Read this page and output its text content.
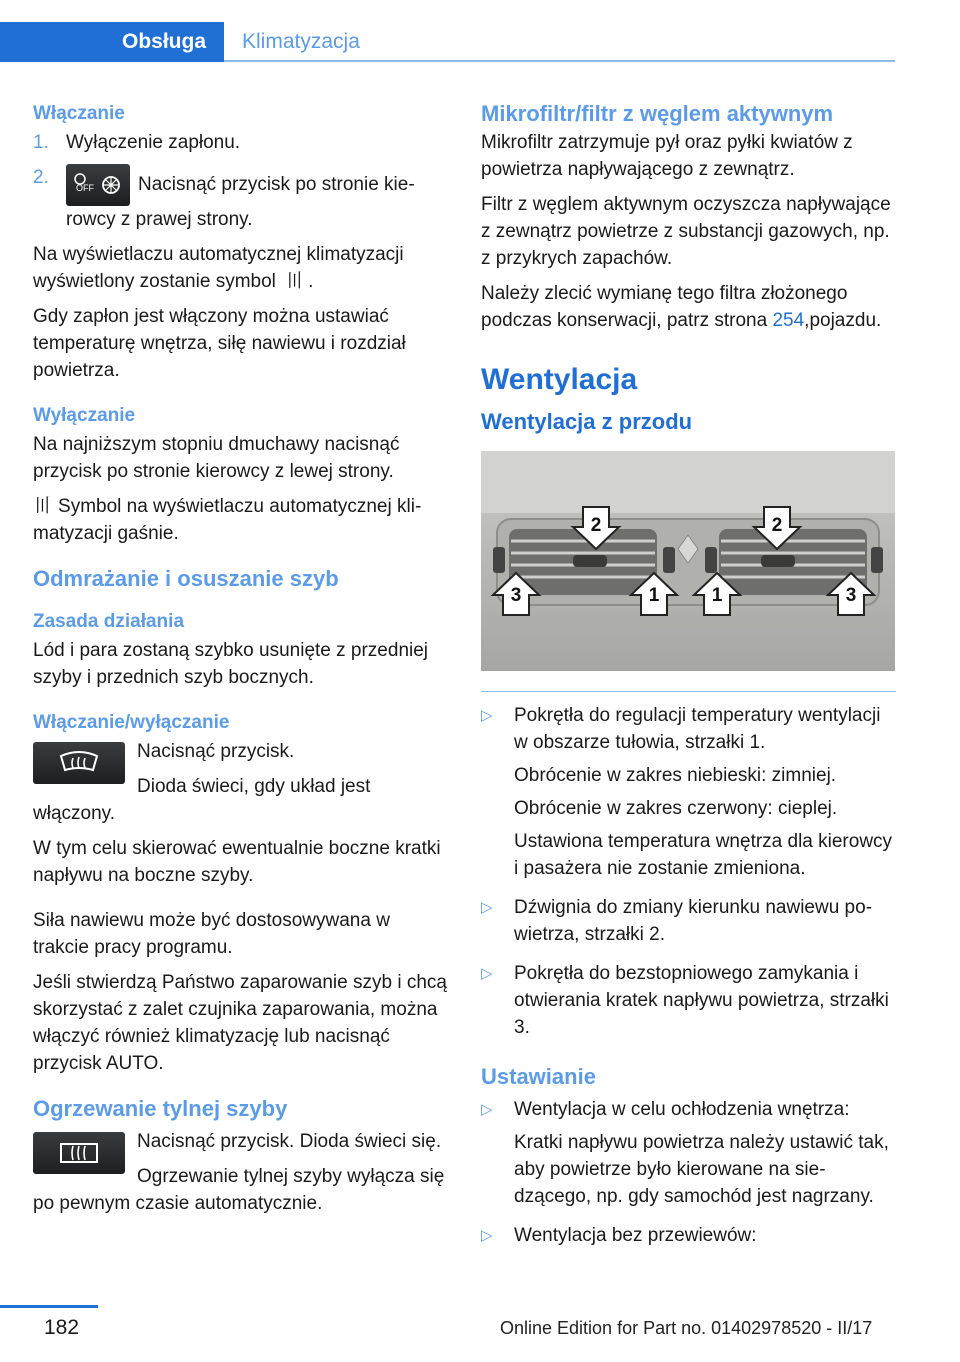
Obsługa	Klimatyzacja
Włączanie
1. Wyłączenie zapłonu.
2.	OFF Nacisnąć przycisk po stronie kierowcy z prawej strony.

Na wyświetlaczu automatycznej klimatyzacji wyświetlony zostanie symbol 〣 .

Gdy zapłon jest włączony można ustawiać temperaturę wnętrza, siłę nawiewu i rozdział powietrza.

Wyłączanie

Na najniższym stopniu dmuchawy nacisnąć przycisk po stronie kierowcy z lewej strony.

〣 Symbol na wyświetlaczu automatycznej klimatyzacji gaśnie.

Odmrażanie i osuszanie szyb
Zasada działania

Lód i para zostaną szybko usunięte z przedniej szyby i przednich szyb bocznych.

Włączanie/wyłączanie

Nacisnąć przycisk.

Dioda świeci, gdy układ jest włączony.

W tym celu skierować ewentualnie boczne kratki napływu na boczne szyby.

Siła nawiewu może być dostosowywana w trakcie pracy programu.

Jeśli stwierdzą Państwo zaparowanie szyb i chcą skorzystać z zalet czujnika zaparowania, można włączyć również klimatyzację lub nacisnąć przycisk AUTO.

Ogrzewanie tylnej szyby

Nacisnąć przycisk. Dioda świeci się.

Ogrzewanie tylnej szyby wyłącza się po pewnym czasie automatycznie.

Mikrofiltr/filtr z węglem aktywnym

Mikrofiltr zatrzymuje pył oraz pyłki kwiatów z powietrza napływającego z zewnątrz.

Filtr z węglem aktywnym oczyszcza napływające z zewnątrz powietrze z substancji gazowych, np. z przykrych zapachów.

Należy zlecić wymianę tego filtra złożonego podczas konserwacji, patrz strona 254,pojazdu.

Wentylacja
Wentylacja z przodu
2	2
3	1	1	3
▷	Pokrętła do regulacji temperatury wentylacji w obszarze tułowia, strzałki 1.

Obrócenie w zakres niebieski: zimniej.

Obrócenie w zakres czerwony: cieplej.

Ustawiona temperatura wnętrza dla kierowcy i pasażera nie zostanie zmieniona.

▷	Dźwignia do zmiany kierunku nawiewu powietrza, strzałki 2.

▷	Pokrętła do bezstopniowego zamykania i otwierania kratek napływu powietrza, strzałki 3.

Ustawianie
▷	Wentylacja w celu ochłodzenia wnętrza:

Kratki napływu powietrza należy ustawić tak, aby powietrze było kierowane na siedzącego, np. gdy samochód jest nagrzany.

▷	Wentylacja bez przewiewów:

182	Online Edition for Part no. 01402978520 - II/17
